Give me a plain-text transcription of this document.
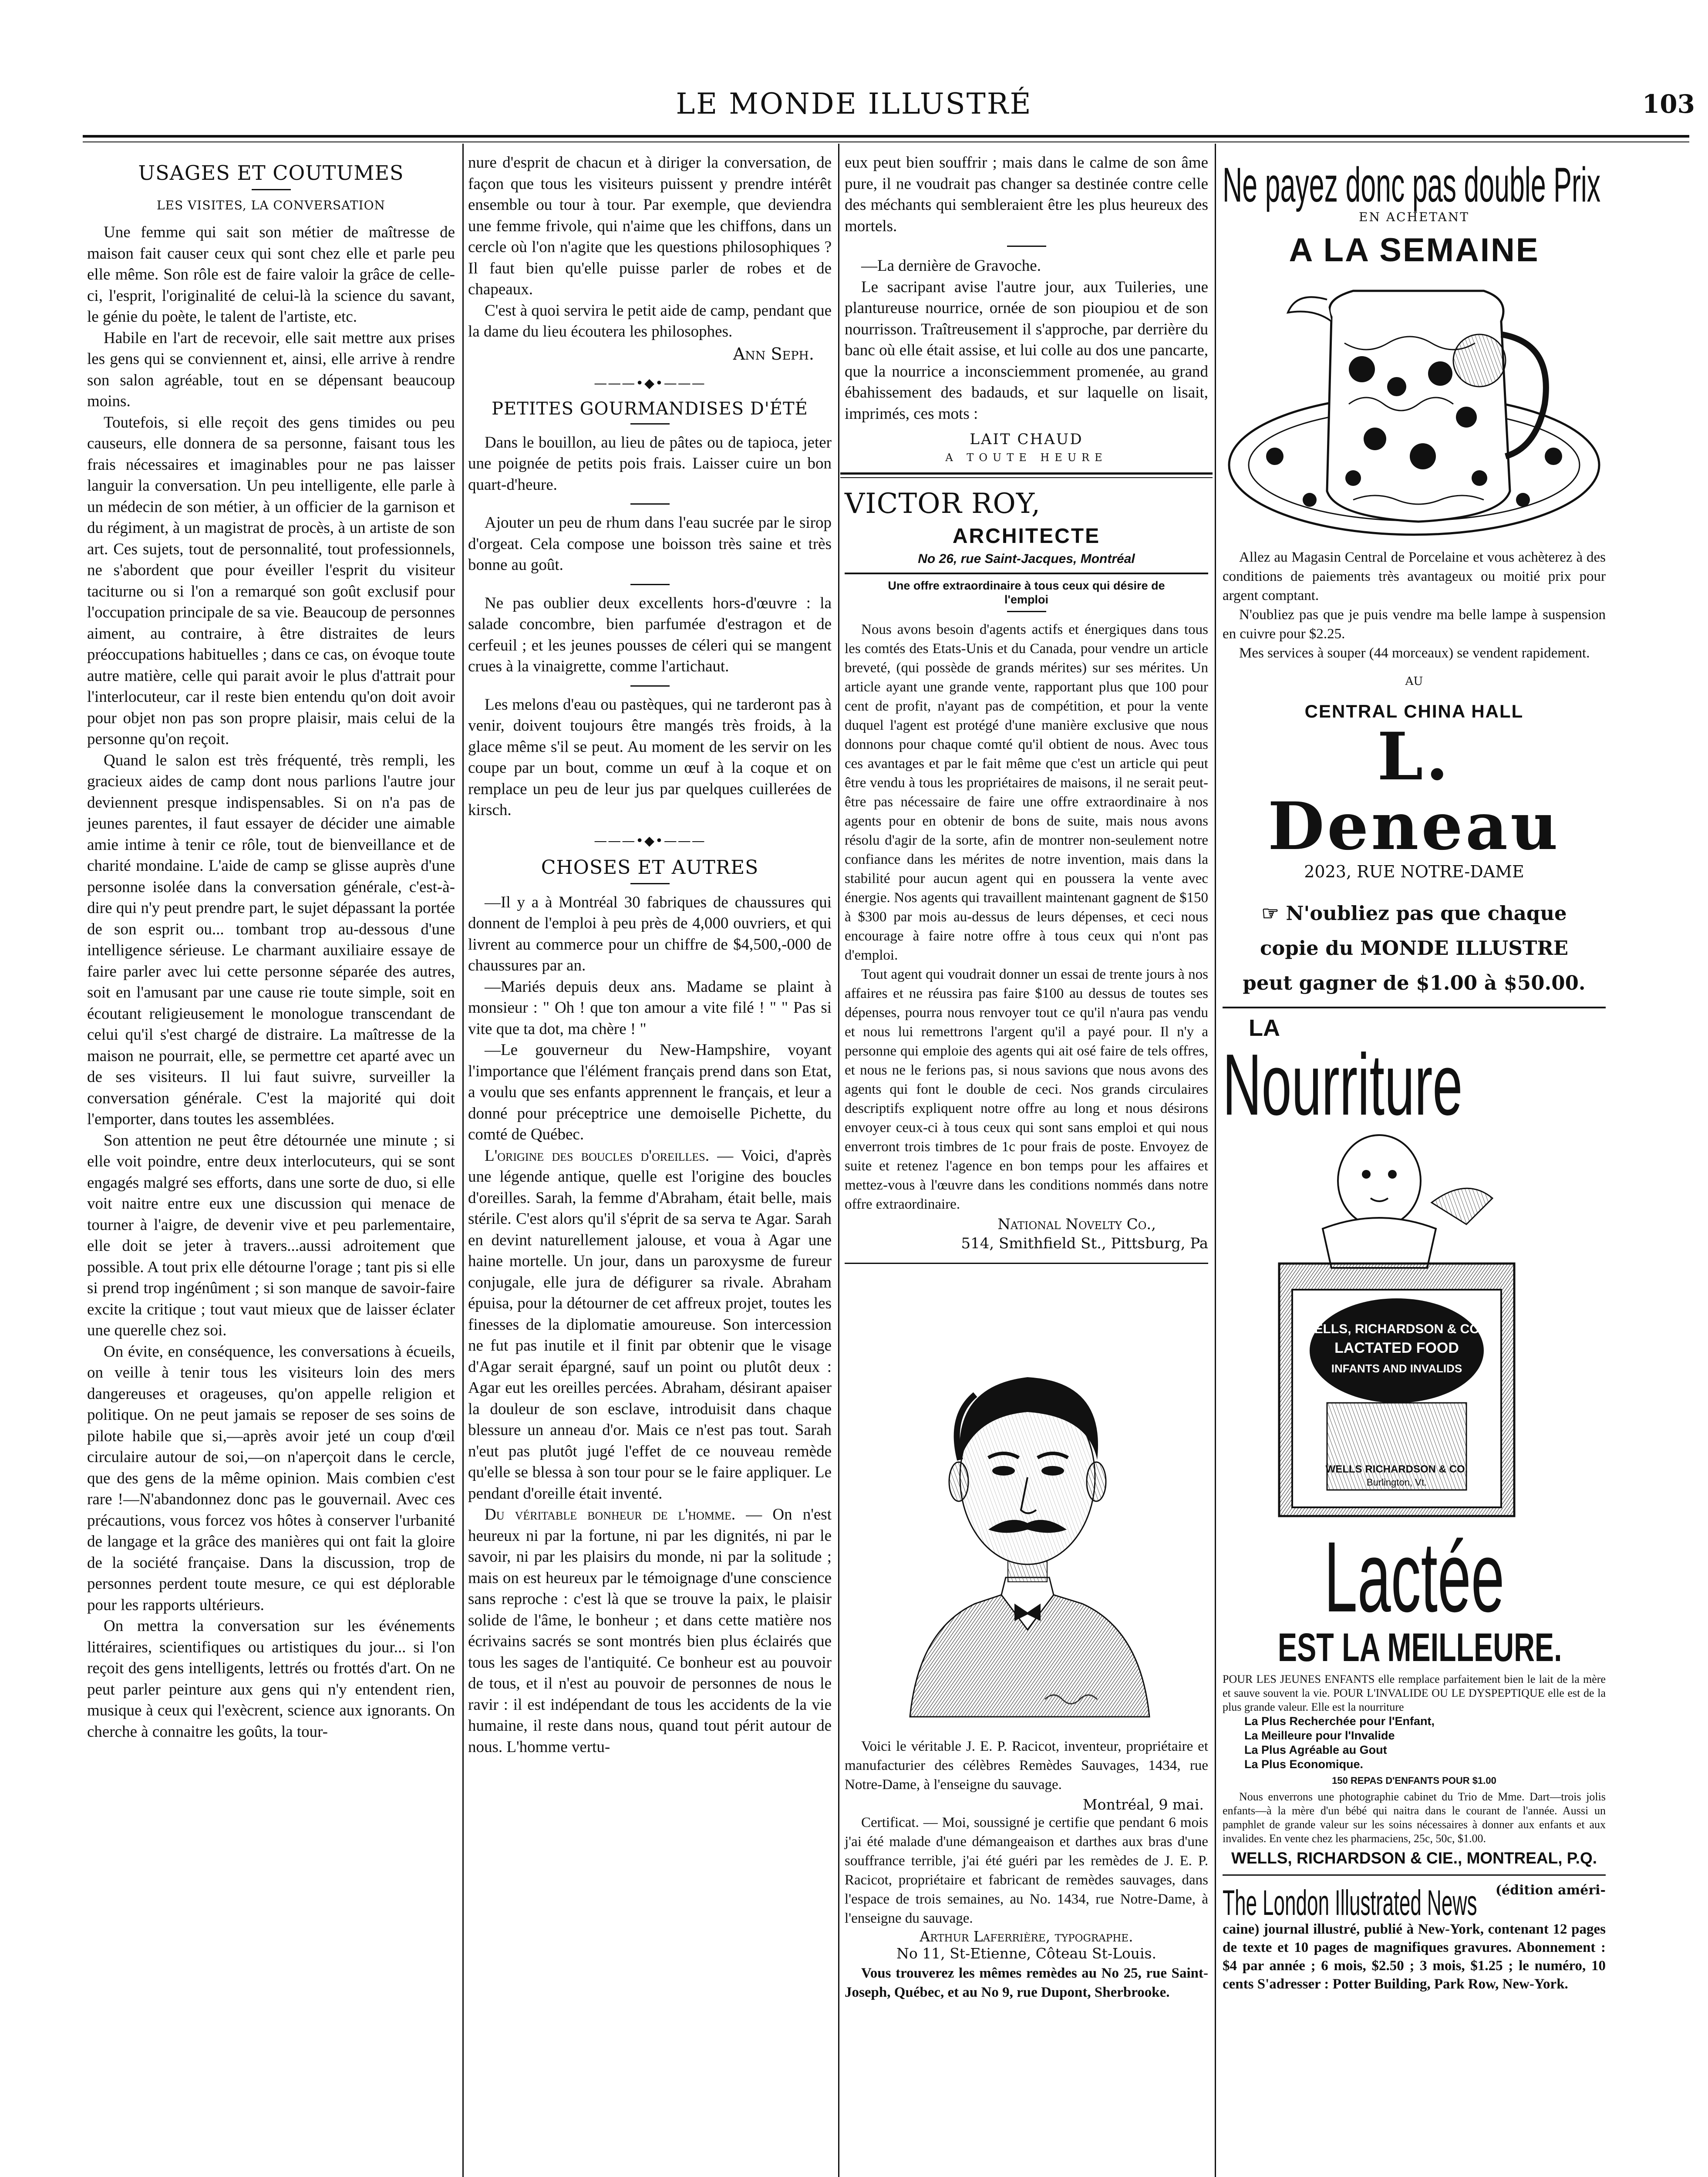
LE MONDE ILLUSTRÉ	103
USAGES ET COUTUMES
LES VISITES, LA CONVERSATION

Une femme qui sait son métier de maîtresse de maison fait causer ceux qui sont chez elle et parle peu elle même. Son rôle est de faire valoir la grâce de celle-ci, l'esprit, l'originalité de celui-là la science du savant, le génie du poète, le talent de l'artiste, etc.

Habile en l'art de recevoir, elle sait mettre aux prises les gens qui se conviennent et, ainsi, elle arrive à rendre son salon agréable, tout en se dépensant beaucoup moins.

Toutefois, si elle reçoit des gens timides ou peu causeurs, elle donnera de sa personne, faisant tous les frais nécessaires et imaginables pour ne pas laisser languir la conversation. Un peu intelligente, elle parle à un médecin de son métier, à un officier de la garnison et du régiment, à un magistrat de procès, à un artiste de son art. Ces sujets, tout de personnalité, tout professionnels, ne s'abordent que pour éveiller l'esprit du visiteur taciturne ou si l'on a remarqué son goût exclusif pour l'occupation principale de sa vie. Beaucoup de personnes aiment, au contraire, à être distraites de leurs préoccupations habituelles ; dans ce cas, on évoque toute autre matière, celle qui parait avoir le plus d'attrait pour l'interlocuteur, car il reste bien entendu qu'on doit avoir pour objet non pas son propre plaisir, mais celui de la personne qu'on reçoit.

Quand le salon est très fréquenté, très rempli, les gracieux aides de camp dont nous parlions l'autre jour deviennent presque indispensables. Si on n'a pas de jeunes parentes, il faut essayer de décider une aimable amie intime à tenir ce rôle, tout de bienveillance et de charité mondaine. L'aide de camp se glisse auprès d'une personne isolée dans la conversation générale, c'est-à-dire qui n'y peut prendre part, le sujet dépassant la portée de son esprit ou... tombant trop au-dessous d'une intelligence sérieuse. Le charmant auxiliaire essaye de faire parler avec lui cette personne séparée des autres, soit en l'amusant par une cause rie toute simple, soit en écoutant religieusement le monologue transcendant de celui qu'il s'est chargé de distraire. La maîtresse de la maison ne pourrait, elle, se permettre cet aparté avec un de ses visiteurs. Il lui faut suivre, surveiller la conversation générale. C'est la majorité qui doit l'emporter, dans toutes les assemblées.

Son attention ne peut être détournée une minute ; si elle voit poindre, entre deux interlocuteurs, qui se sont engagés malgré ses efforts, dans une sorte de duo, si elle voit naitre entre eux une discussion qui menace de tourner à l'aigre, de devenir vive et peu parlementaire, elle doit se jeter à travers...aussi adroitement que possible. A tout prix elle détourne l'orage ; tant pis si elle si prend trop ingénûment ; si son manque de savoir-faire excite la critique ; tout vaut mieux que de laisser éclater une querelle chez soi.

On évite, en conséquence, les conversations à écueils, on veille à tenir tous les visiteurs loin des mers dangereuses et orageuses, qu'on appelle religion et politique. On ne peut jamais se reposer de ses soins de pilote habile que si,—après avoir jeté un coup d'œil circulaire autour de soi,—on n'aperçoit dans le cercle, que des gens de la même opinion. Mais combien c'est rare !—N'abandonnez donc pas le gouvernail. Avec ces précautions, vous forcez vos hôtes à conserver l'urbanité de langage et la grâce des manières qui ont fait la gloire de la société française. Dans la discussion, trop de personnes perdent toute mesure, ce qui est déplorable pour les rapports ultérieurs.

On mettra la conversation sur les événements littéraires, scientifiques ou artistiques du jour... si l'on reçoit des gens intelligents, lettrés ou frottés d'art. On ne peut parler peinture aux gens qui n'y entendent rien, musique à ceux qui l'exècrent, science aux ignorants. On cherche à connaitre les goûts, la tour-

nure d'esprit de chacun et à diriger la conversation, de façon que tous les visiteurs puissent y prendre intérêt ensemble ou tour à tour. Par exemple, que deviendra une femme frivole, qui n'aime que les chiffons, dans un cercle où l'on n'agite que les questions philosophiques ? Il faut bien qu'elle puisse parler de robes et de chapeaux.

C'est à quoi servira le petit aide de camp, pendant que la dame du lieu écoutera les philosophes.

Ann Seph.
———•◆•———
PETITES GOURMANDISES D'ÉTÉ

Dans le bouillon, au lieu de pâtes ou de tapioca, jeter une poignée de petits pois frais. Laisser cuire un bon quart-d'heure.

Ajouter un peu de rhum dans l'eau sucrée par le sirop d'orgeat. Cela compose une boisson très saine et très bonne au goût.

Ne pas oublier deux excellents hors-d'œuvre : la salade concombre, bien parfumée d'estragon et de cerfeuil ; et les jeunes pousses de céleri qui se mangent crues à la vinaigrette, comme l'artichaut.

Les melons d'eau ou pastèques, qui ne tarderont pas à venir, doivent toujours être mangés très froids, à la glace même s'il se peut. Au moment de les servir on les coupe par un bout, comme un œuf à la coque et on remplace un peu de leur jus par quelques cuillerées de kirsch.

———•◆•———
CHOSES ET AUTRES

—Il y a à Montréal 30 fabriques de chaussures qui donnent de l'emploi à peu près de 4,000 ouvriers, et qui livrent au commerce pour un chiffre de $4,500,-000 de chaussures par an.

—Mariés depuis deux ans. Madame se plaint à monsieur : " Oh ! que ton amour a vite filé ! " " Pas si vite que ta dot, ma chère ! "

—Le gouverneur du New-Hampshire, voyant l'importance que l'élément français prend dans son Etat, a voulu que ses enfants apprennent le français, et leur a donné pour préceptrice une demoiselle Pichette, du comté de Québec.

L'origine des boucles d'oreilles. — Voici, d'après une légende antique, quelle est l'origine des boucles d'oreilles. Sarah, la femme d'Abraham, était belle, mais stérile. C'est alors qu'il s'éprit de sa serva te Agar. Sarah en devint naturellement jalouse, et voua à Agar une haine mortelle. Un jour, dans un paroxysme de fureur conjugale, elle jura de défigurer sa rivale. Abraham épuisa, pour la détourner de cet affreux projet, toutes les finesses de la diplomatie amoureuse. Son intercession ne fut pas inutile et il finit par obtenir que le visage d'Agar serait épargné, sauf un point ou plutôt deux : Agar eut les oreilles percées. Abraham, désirant apaiser la douleur de son esclave, introduisit dans chaque blessure un anneau d'or. Mais ce n'est pas tout. Sarah n'eut pas plutôt jugé l'effet de ce nouveau remède qu'elle se blessa à son tour pour se le faire appliquer. Le pendant d'oreille était inventé.

Du véritable bonheur de l'homme. — On n'est heureux ni par la fortune, ni par les dignités, ni par le savoir, ni par les plaisirs du monde, ni par la solitude ; mais on est heureux par le témoignage d'une conscience sans reproche : c'est là que se trouve la paix, le plaisir solide de l'âme, le bonheur ; et dans cette matière nos écrivains sacrés se sont montrés bien plus éclairés que tous les sages de l'antiquité. Ce bonheur est au pouvoir de tous, et il n'est au pouvoir de personnes de nous le ravir : il est indépendant de tous les accidents de la vie humaine, il reste dans nous, quand tout périt autour de nous. L'homme vertu-

eux peut bien souffrir ; mais dans le calme de son âme pure, il ne voudrait pas changer sa destinée contre celle des méchants qui sembleraient être les plus heureux des mortels.

—La dernière de Gravoche.

Le sacripant avise l'autre jour, aux Tuileries, une plantureuse nourrice, ornée de son pioupiou et de son nourrisson. Traîtreusement il s'approche, par derrière du banc où elle était assise, et lui colle au dos une pancarte, que la nourrice a inconsciemment promenée, au grand ébahissement des badauds, et sur laquelle on lisait, imprimés, ces mots :

LAIT CHAUD
A TOUTE HEURE
VICTOR ROY,
ARCHITECTE
No 26, rue Saint-Jacques, Montréal
Une offre extraordinaire à tous ceux qui désire de l'emploi

Nous avons besoin d'agents actifs et énergiques dans tous les comtés des Etats-Unis et du Canada, pour vendre un article breveté, (qui possède de grands mérites) sur ses mérites. Un article ayant une grande vente, rapportant plus que 100 pour cent de profit, n'ayant pas de compétition, et pour la vente duquel l'agent est protégé d'une manière exclusive que nous donnons pour chaque comté qu'il obtient de nous. Avec tous ces avantages et par le fait même que c'est un article qui peut être vendu à tous les propriétaires de maisons, il ne serait peut-être pas nécessaire de faire une offre extraordinaire à nos agents pour en obtenir de bons de suite, mais nous avons résolu d'agir de la sorte, afin de montrer non-seulement notre confiance dans les mérites de notre invention, mais dans la stabilité pour aucun agent qui en poussera la vente avec énergie. Nos agents qui travaillent maintenant gagnent de $150 à $300 par mois au-dessus de leurs dépenses, et ceci nous encourage à faire notre offre à tous ceux qui n'ont pas d'emploi.

Tout agent qui voudrait donner un essai de trente jours à nos affaires et ne réussira pas faire $100 au dessus de toutes ses dépenses, pourra nous renvoyer tout ce qu'il n'aura pas vendu et nous lui remettrons l'argent qu'il a payé pour. Il n'y a personne qui emploie des agents qui ait osé faire de tels offres, et nous ne le ferions pas, si nous savions que nous avons des agents qui font le double de ceci. Nos grands circulaires descriptifs expliquent notre offre au long et nous désirons envoyer ceux-ci à tous ceux qui sont sans emploi et qui nous enverront trois timbres de 1c pour frais de poste. Envoyez de suite et retenez l'agence en bon temps pour les affaires et mettez-vous à l'œuvre dans les conditions nommés dans notre offre extraordinaire.

National Novelty Co.,
514, Smithfield St., Pittsburg, Pa

Voici le véritable J. E. P. Racicot, inventeur, propriétaire et manufacturier des célèbres Remèdes Sauvages, 1434, rue Notre-Dame, à l'enseigne du sauvage.

Montréal, 9 mai.

Certificat. — Moi, soussigné je certifie que pendant 6 mois j'ai été malade d'une démangeaison et darthes aux bras d'une souffrance terrible, j'ai été guéri par les remèdes de J. E. P. Racicot, propriétaire et fabricant de remèdes sauvages, dans l'espace de trois semaines, au No. 1434, rue Notre-Dame, à l'enseigne du sauvage.

Arthur Laferrière, typographe.
No 11, St-Etienne, Côteau St-Louis.

Vous trouverez les mêmes remèdes au No 25, rue Saint-Joseph, Québec, et au No 9, rue Dupont, Sherbrooke.

Ne payez donc pas double Prix
EN ACHETANT
A LA SEMAINE

Allez au Magasin Central de Porcelaine et vous achèterez à des conditions de paiements très avantageux ou moitié prix pour argent comptant.

N'oubliez pas que je puis vendre ma belle lampe à suspension en cuivre pour $2.25.

Mes services à souper (44 morceaux) se vendent rapidement.

AU
CENTRAL CHINA HALL
L. Deneau
2023, RUE NOTRE-DAME
☞ N'oubliez pas que chaque
copie du MONDE ILLUSTRE
peut gagner de $1.00 à $50.00.
LA
Nourriture
WELLS, RICHARDSON & CO'S
LACTATED FOOD
INFANTS AND INVALIDS
WELLS RICHARDSON & CO.
Burlington, Vt.
Lactée
EST LA MEILLEURE.

POUR LES JEUNES ENFANTS elle remplace parfaitement bien le lait de la mère et sauve souvent la vie. POUR L'INVALIDE OU LE DYSPEPTIQUE elle est de la plus grande valeur. Elle est la nourriture

La Plus Recherchée pour l'Enfant,
La Meilleure pour l'Invalide
La Plus Agréable au Gout
La Plus Economique.
150 REPAS D'ENFANTS POUR $1.00

Nous enverrons une photographie cabinet du Trio de Mme. Dart—trois jolis enfants—à la mère d'un bébé qui naitra dans le courant de l'année. Aussi un pamphlet de grande valeur sur les soins nécessaires à donner aux enfants et aux invalides. En vente chez les pharmaciens, 25c, 50c, $1.00.

WELLS, RICHARDSON & CIE., MONTREAL, P.Q.
The London Illustrated News (édition améri-

caine) journal illustré, publié à New-York, contenant 12 pages de texte et 10 pages de magnifiques gravures. Abonnement : $4 par année ; 6 mois, $2.50 ; 3 mois, $1.25 ; le numéro, 10 cents S'adresser : Potter Building, Park Row, New-York.
